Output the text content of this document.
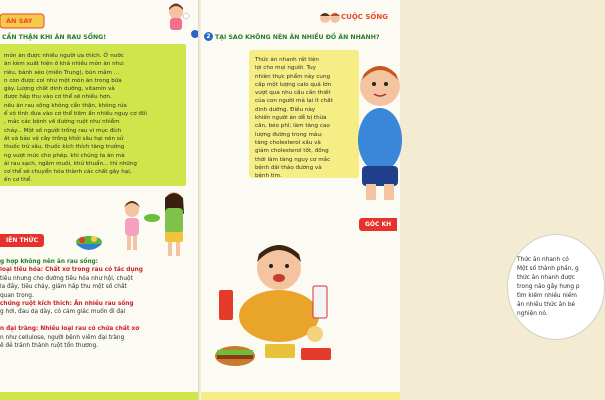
ÀN SAY
CẦN THẬN KHI ĂN RAU SỐNG!
món ăn được nhiều người ưa thích. Ở nước
ăn kèm xuất hiện ở khá nhiều món ăn như:
riêu, bánh xèo (miền Trung), bún mắm ...
n còn được coi như một món ăn trong bữa
gày. Lượng chất dinh dưỡng, vitamin và
được hấp thu vào cơ thể sẽ nhiều hơn.
nếu ăn rau sống không cẩn thận, không rửa
ể vô tình đưa vào cơ thể tiềm ẩn nhiều nguy cơ đối
, mắc các bệnh về đường ruột như nhiễm
chảy... Một số người trồng rau vì mục đích
ất và bảo vệ cây trồng khỏi sâu hại nên sử
thuốc trừ sâu, thuốc kích thích tăng trưởng
ng vượt mức cho phép, khi chúng ta ăn mà
ải rau sạch, ngâm muối, khử khuẩn... thì những
cơ thể sẽ chuyển hóa thành các chất gây hại,
ến cơ thể.
IÊN THỨC
g hợp không nên ăn rau sống:
loại tiêu hóa: Chất xơ trong rau có tác dụng
tiêu nhưng cho đường tiêu hóa như hội, chuột
la đầy, tiêu chảy, giảm hấp thu một số chất
quan trọng.
chứng ruột kích thích: Ăn nhiều rau sống
g hơi, đau dạ dày, có cảm giác muốn đi đại

n đại tràng: Nhiều loại rau có chứa chất xơ
n như cellulose, người bệnh viêm đại tràng
ế đẻ tránh thành ruột tổn thương.
CUỘC SỐNG
2 TẠI SAO KHÔNG NÊN ĂN NHIỀU ĐỒ ĂN NHANH?
Thức ăn nhanh rất tiện
lợi cho mọi người. Tuy
nhiên thực phẩm này cung
cấp một lượng calo quá lớn
vượt qua nhu cầu cần thiết
của con người mà lại ít chất
dinh dưỡng. Điều này
khiến người ăn dễ bị thừa
cân, béo phì; làm tăng cao
lượng đường trong máu;
tăng cholesterol xấu và
giảm cholesterol tốt, đồng
thời làm tăng nguy cơ mắc
bệnh đái tháo đường và
bệnh tim.
GÓC KH
Thức ăn nhanh có
Một số thành phần, g
thức ăn nhanh được
trong não gây hưng p
tìm kiếm nhiều niềm
ăn nhiều thức ăn bé
nghiện nó.
